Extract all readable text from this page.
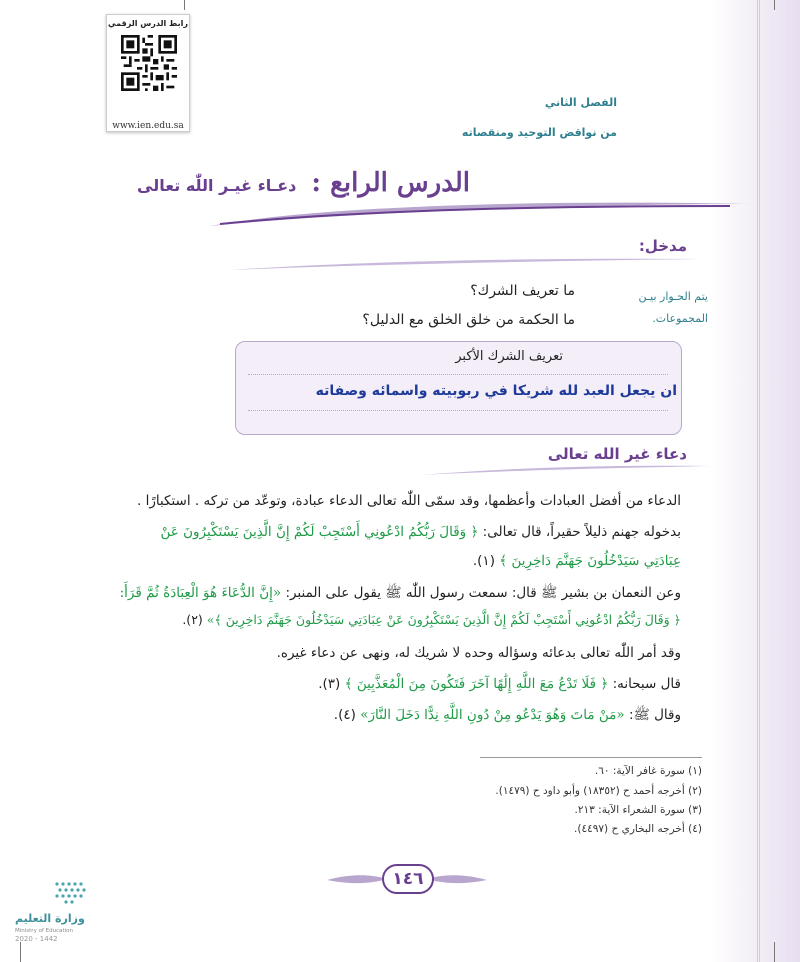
رابط الدرس الرقمي
www.ien.edu.sa
الفصل الثاني
من نواقض التوحيد ومنقصاته
الدرس الرابع : دعـاء غيـر اللّٰه تعالى
مدخل:
يتم الحـوار بيـن المجموعات.
ما تعريف الشرك؟
ما الحكمة من خلق الخلق مع الدليل؟
تعريف الشرك الأكبر
ان يجعل العبد لله شريكا في ربوبيته واسمائه وصفاته
دعاء غير الله تعالى
الدعاء من أفضل العبادات وأعظمها، وقد سمّى اللّٰه تعالى الدعاء عبادة، وتوعّد من تركه . استكبارًا .
بدخوله جهنم ذليلاً حقيراً، قال تعالى: ﴿ وَقَالَ رَبُّكُمُ ادْعُونِي أَسْتَجِبْ لَكُمْ إِنَّ الَّذِينَ يَسْتَكْبِرُونَ عَنْ
عِبَادَتِي سَيَدْخُلُونَ جَهَنَّمَ دَاخِرِينَ ﴾ (١).
وعن النعمان بن بشير ﷺ قال: سمعت رسول اللّٰه ﷺ يقول على المنبر: «إِنَّ الدُّعَاءَ هُوَ الْعِبَادَةُ ثُمَّ قَرَأَ:
﴿ وَقَالَ رَبُّكُمُ ادْعُونِي أَسْتَجِبْ لَكُمْ إِنَّ الَّذِينَ يَسْتَكْبِرُونَ عَنْ عِبَادَتِي سَيَدْخُلُونَ جَهَنَّمَ دَاخِرِينَ ﴾» (٢).
وقد أمر اللّٰه تعالى بدعائه وسؤاله وحده لا شريك له، ونهى عن دعاء غيره.
قال سبحانه: ﴿ فَلَا تَدْعُ مَعَ اللَّهِ إِلَٰهًا آخَرَ فَتَكُونَ مِنَ الْمُعَذَّبِينَ ﴾ (٣).
وقال ﷺ: «مَنْ مَاتَ وَهُوَ يَدْعُو مِنْ دُونِ اللَّهِ نِدًّا دَخَلَ النَّارَ» (٤).
(١) سورة غافر الآية: ٦٠.
(٢) أخرجه أحمد ح (١٨٣٥٢) وأبو داود ح (١٤٧٩).
(٣) سورة الشعراء الآية: ٢١٣.
(٤) أخرجه البخاري ح (٤٤٩٧).
١٤٦
وزارة التعليم
Ministry of Education
2020 - 1442
